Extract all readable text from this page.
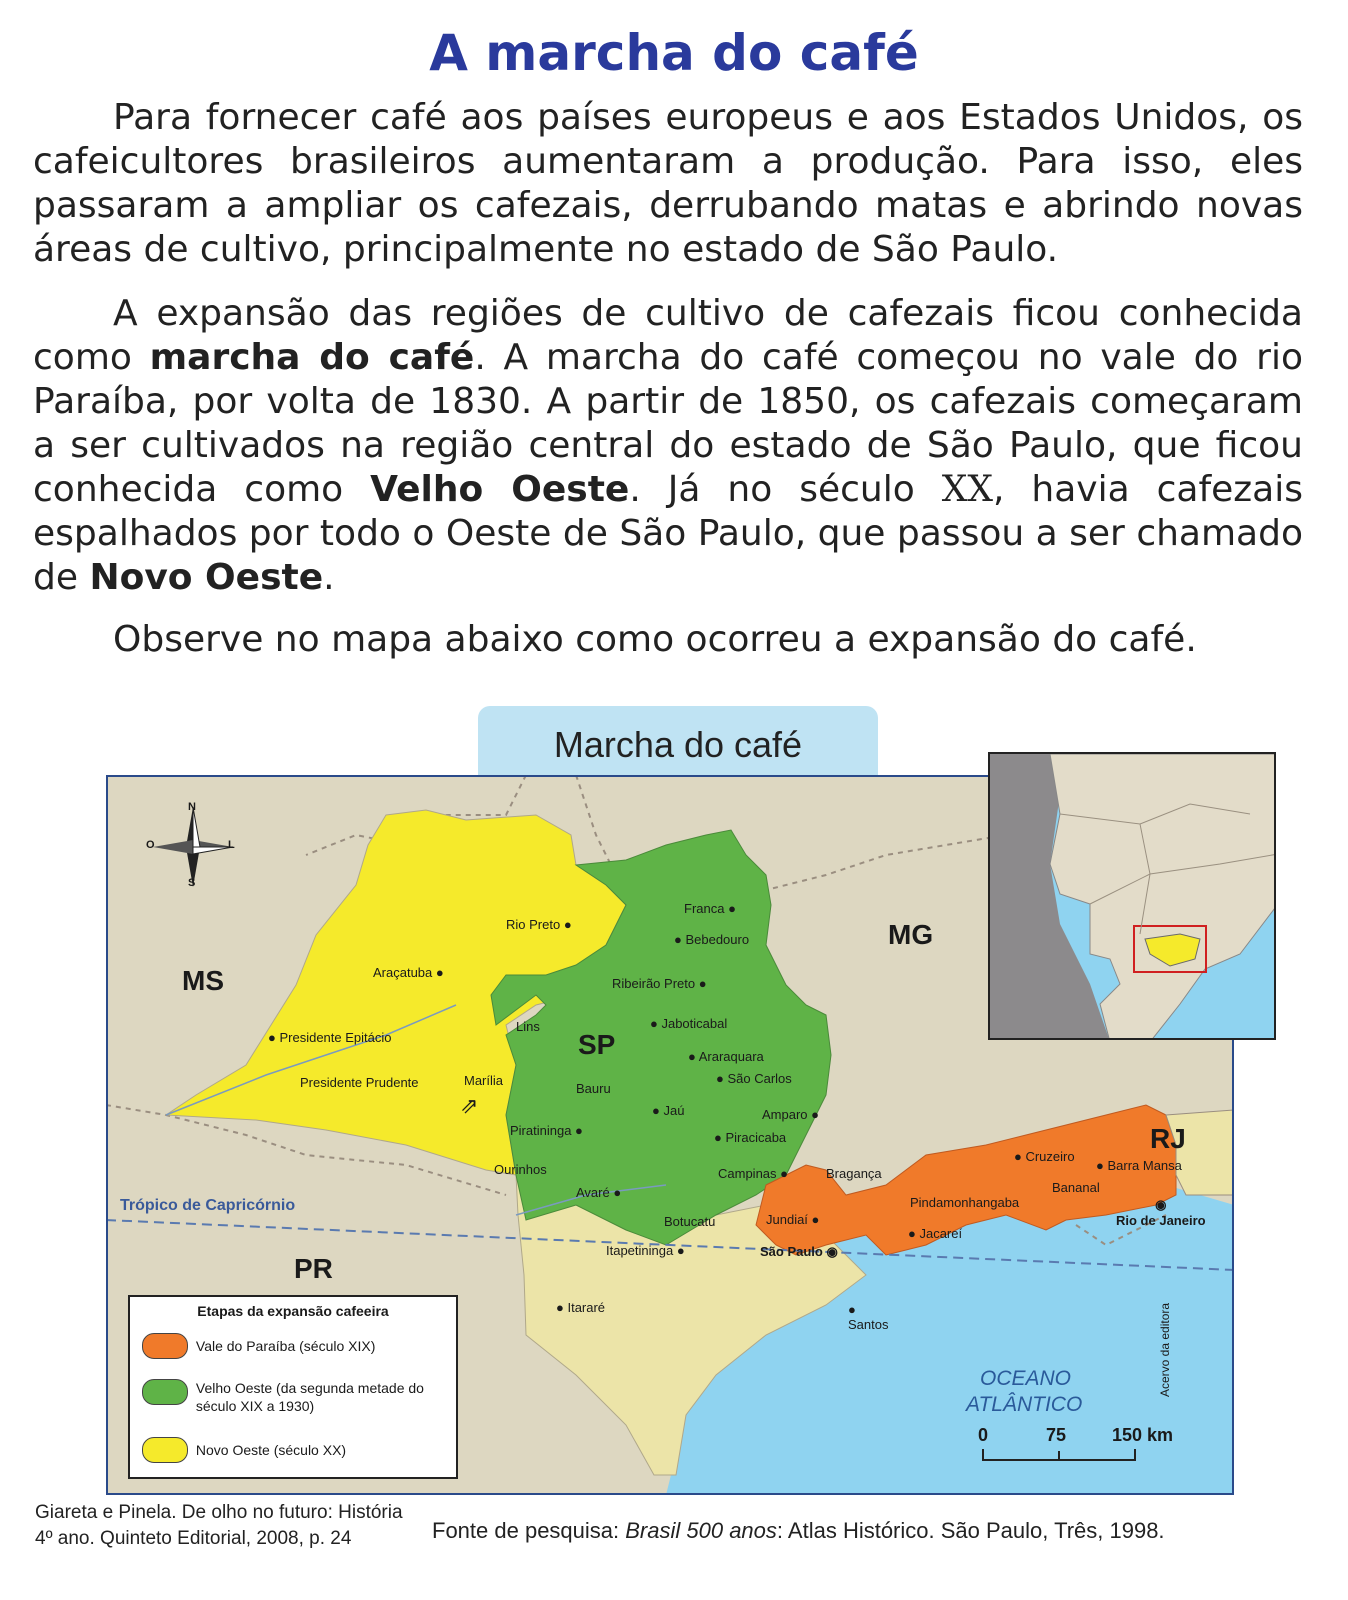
A marcha do café

Para fornecer café aos países europeus e aos Estados Unidos, os cafeicultores brasileiros aumentaram a produção. Para isso, eles passaram a ampliar os cafezais, derrubando matas e abrindo novas áreas de cultivo, principalmente no estado de São Paulo.

A expansão das regiões de cultivo de cafezais ficou conhecida como marcha do café. A marcha do café começou no vale do rio Paraíba, por volta de 1830. A partir de 1850, os cafezais começaram a ser cultivados na região central do estado de São Paulo, que ficou conhecida como Velho Oeste. Já no século XX, havia cafezais espalhados por todo o Oeste de São Paulo, que passou a ser chamado de Novo Oeste.

Observe no mapa abaixo como ocorreu a expansão do café.

Marcha do café
N
S
O	L
MS
MG
SP
PR
RJ
Trópico de Capricórnio
OCEANO
ATLÂNTICO
Rio Preto ●
Araçatuba ●
● Presidente Epitácio
Presidente Prudente	Marília
⇗
Lins
Bauru
Piratininga ●
Ourinhos
Avaré ●
Botucatu
Itapetininga ●
● Itararé
Franca ●
● Bebedouro
Ribeirão Preto ●
● Jaboticabal
● Araraquara
● São Carlos
● Jaú	Amparo ●
● Piracicaba
Campinas ●	Bragança
Jundiaí ●
São Paulo ◉
●
Santos
Pindamonhangaba
● Jacareí
● Cruzeiro
Bananal
● Barra Mansa
◉
Rio de Janeiro
Etapas da expansão cafeeira
Vale do Paraíba (século XIX)
Velho Oeste (da segunda metade do
século XIX a 1930)
Novo Oeste (século XX)
0	75	150 km
Acervo da editora
Giareta e Pinela. De olho no futuro: História
4º ano. Quinteto Editorial, 2008, p. 24	Fonte de pesquisa: Brasil 500 anos: Atlas Histórico. São Paulo, Três, 1998.
